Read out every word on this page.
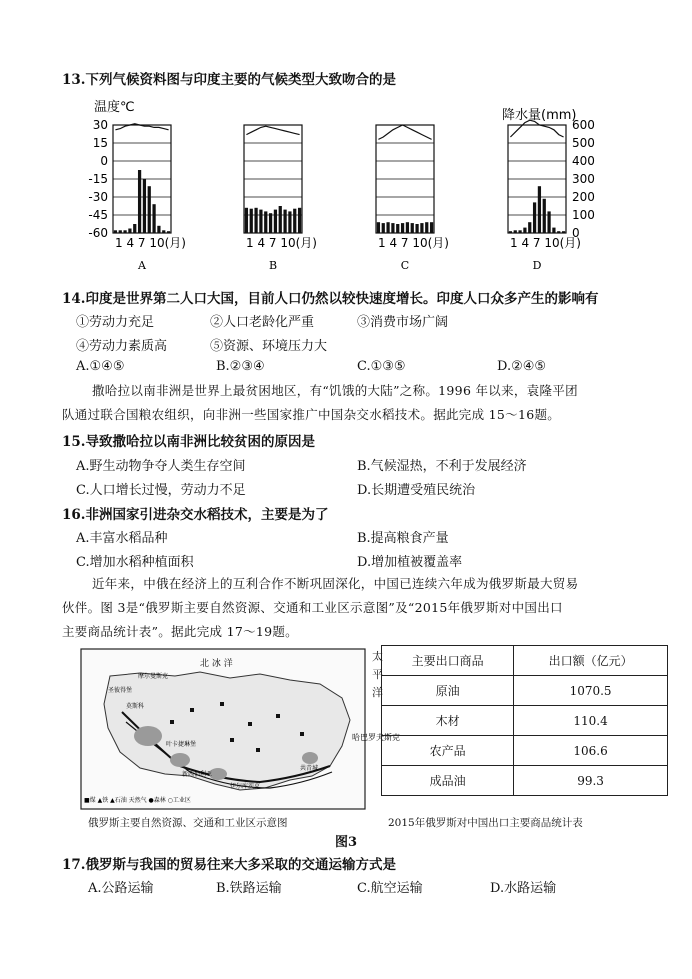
13.下列气候资料图与印度主要的气候类型大致吻合的是
温度℃
降水量(mm)
30
15
0
-15
-30
-45
-60
600
500
400
300
200
100
0
1 4 7 10(月)
A
1 4 7 10(月)
B
1 4 7 10(月)
C
1 4 7 10(月)
D
14.印度是世界第二人口大国，目前人口仍然以较快速度增长。印度人口众多产生的影响有
①劳动力充足	②人口老龄化严重	③消费市场广阔
④劳动力素质高	⑤资源、环境压力大
A.①④⑤	B.②③④	C.①③⑤	D.②④⑤
撒哈拉以南非洲是世界上最贫困地区，有“饥饿的大陆”之称。1996 年以来，袁隆平团
队通过联合国粮农组织，向非洲一些国家推广中国杂交水稻技术。据此完成 15～16题。
15.导致撒哈拉以南非洲比较贫困的原因是
A.野生动物争夺人类生存空间	B.气候湿热，不利于发展经济
C.人口增长过慢，劳动力不足	D.长期遭受殖民统治
16.非洲国家引进杂交水稻技术，主要是为了
A.丰富水稻品种	B.提高粮食产量
C.增加水稻种植面积	D.增加植被覆盖率
近年来，中俄在经济上的互利合作不断巩固深化，中国已连续六年成为俄罗斯最大贸易
伙伴。图 3是“俄罗斯主要自然资源、交通和工业区示意图”及“2015年俄罗斯对中国出口
主要商品统计表”。据此完成 17～19题。
北 冰 洋
哈巴罗夫斯克
摩尔曼斯克
圣彼得堡
莫斯科
叶卡捷琳堡
新西伯利亚
伊尔库茨克
共青城
■煤 ▲铁 ▲石油 天然气 ●森林 ○工业区
太
平
洋
俄罗斯主要自然资源、交通和工业区示意图
主要出口商品	出口额（亿元）
原油	1070.5
木材	110.4
农产品	106.6
成品油	99.3
2015年俄罗斯对中国出口主要商品统计表
图3
17.俄罗斯与我国的贸易往来大多采取的交通运输方式是
A.公路运输	B.铁路运输	C.航空运输	D.水路运输
